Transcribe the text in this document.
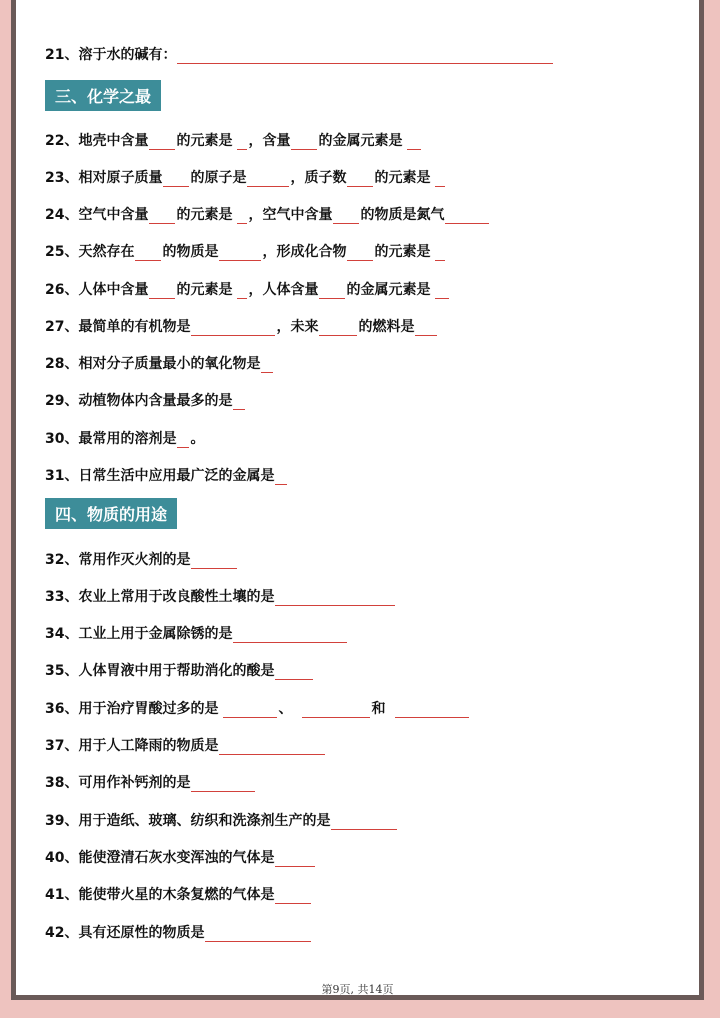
21、溶于水的碱有：
三、化学之最
22、地壳中含量 的元素是 ，含量 的金属元素是
23、相对原子质量 的原子是	，质子数 的元素是
24、空气中含量 的元素是 ，空气中含量 的物质是氮气
25、天然存在 的物质是	，形成化合物 的元素是
26、人体中含量 的元素是 ，人体含量 的金属元素是
27、最简单的有机物是	，未来	的燃料是
28、相对分子质量最小的氧化物是
29、动植物体内含量最多的是
30、最常用的溶剂是 。
31、日常生活中应用最广泛的金属是
四、物质的用途
32、常用作灭火剂的是
33、农业上常用于改良酸性土壤的是
34、工业上用于金属除锈的是
35、人体胃液中用于帮助消化的酸是
36、用于治疗胃酸过多的是	、	和
37、用于人工降雨的物质是
38、可用作补钙剂的是
39、用于造纸、玻璃、纺织和洗涤剂生产的是
40、能使澄清石灰水变浑浊的气体是
41、能使带火星的木条复燃的气体是
42、具有还原性的物质是
第9页, 共14页
